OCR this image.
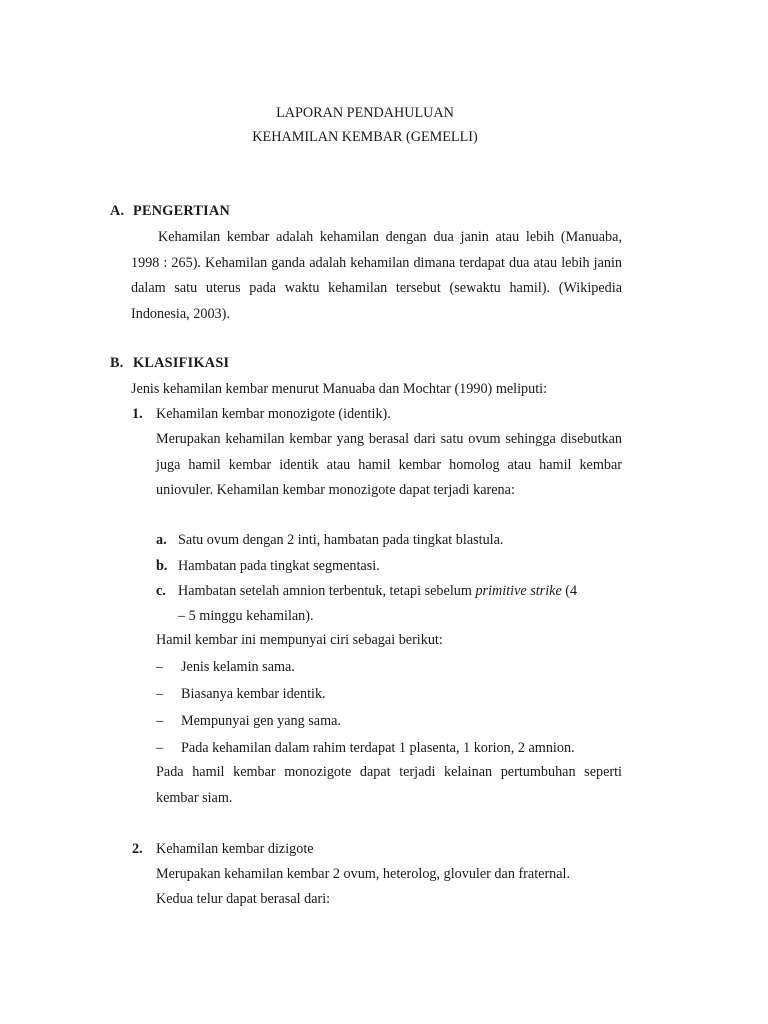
LAPORAN PENDAHULUAN
KEHAMILAN KEMBAR (GEMELLI)
A. PENGERTIAN

Kehamilan kembar adalah kehamilan dengan dua janin atau lebih (Manuaba, 1998 : 265). Kehamilan ganda adalah kehamilan dimana terdapat dua atau lebih janin dalam satu uterus pada waktu kehamilan tersebut (sewaktu hamil). (Wikipedia Indonesia, 2003).

B. KLASIFIKASI
Jenis kehamilan kembar menurut Manuaba dan Mochtar (1990) meliputi:
1. Kehamilan kembar monozigote (identik).

Merupakan kehamilan kembar yang berasal dari satu ovum sehingga disebutkan juga hamil kembar identik atau hamil kembar homolog atau hamil kembar uniovuler. Kehamilan kembar monozigote dapat terjadi karena:

a. Satu ovum dengan 2 inti, hambatan pada tingkat blastula.
b. Hambatan pada tingkat segmentasi.
c. Hambatan setelah amnion terbentuk, tetapi sebelum primitive strike (4
– 5 minggu kehamilan).
Hamil kembar ini mempunyai ciri sebagai berikut:
– Jenis kelamin sama.
– Biasanya kembar identik.
– Mempunyai gen yang sama.
– Pada kehamilan dalam rahim terdapat 1 plasenta, 1 korion, 2 amnion.

Pada hamil kembar monozigote dapat terjadi kelainan pertumbuhan seperti kembar siam.

2. Kehamilan kembar dizigote
Merupakan kehamilan kembar 2 ovum, heterolog, glovuler dan fraternal.
Kedua telur dapat berasal dari:
